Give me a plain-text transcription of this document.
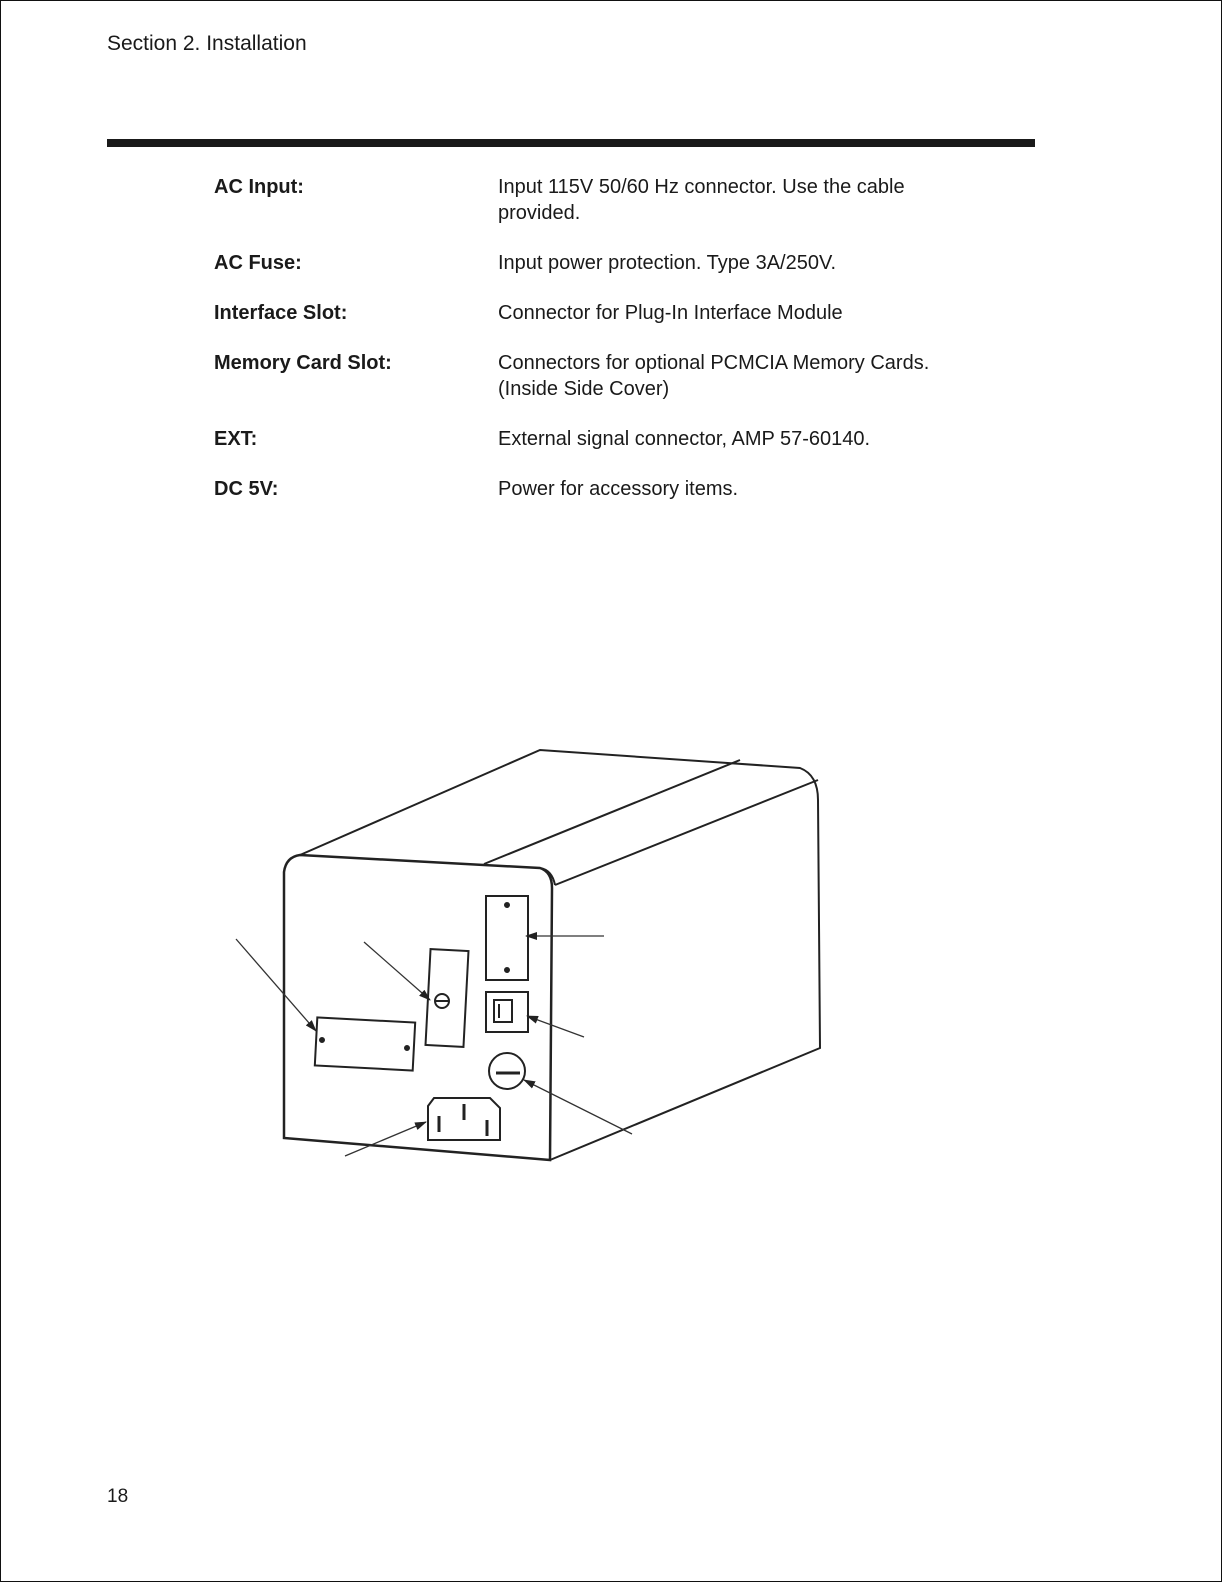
Section 2. Installation
AC Input:	Input 115V 50/60 Hz connector. Use the cable
provided.
AC Fuse:	Input power protection. Type 3A/250V.
Interface Slot:	Connector for Plug-In Interface Module
Memory Card Slot:	Connectors for optional PCMCIA Memory Cards.
(Inside Side Cover)
EXT:	External signal connector, AMP 57-60140.
DC 5V:	Power for accessory items.
18
